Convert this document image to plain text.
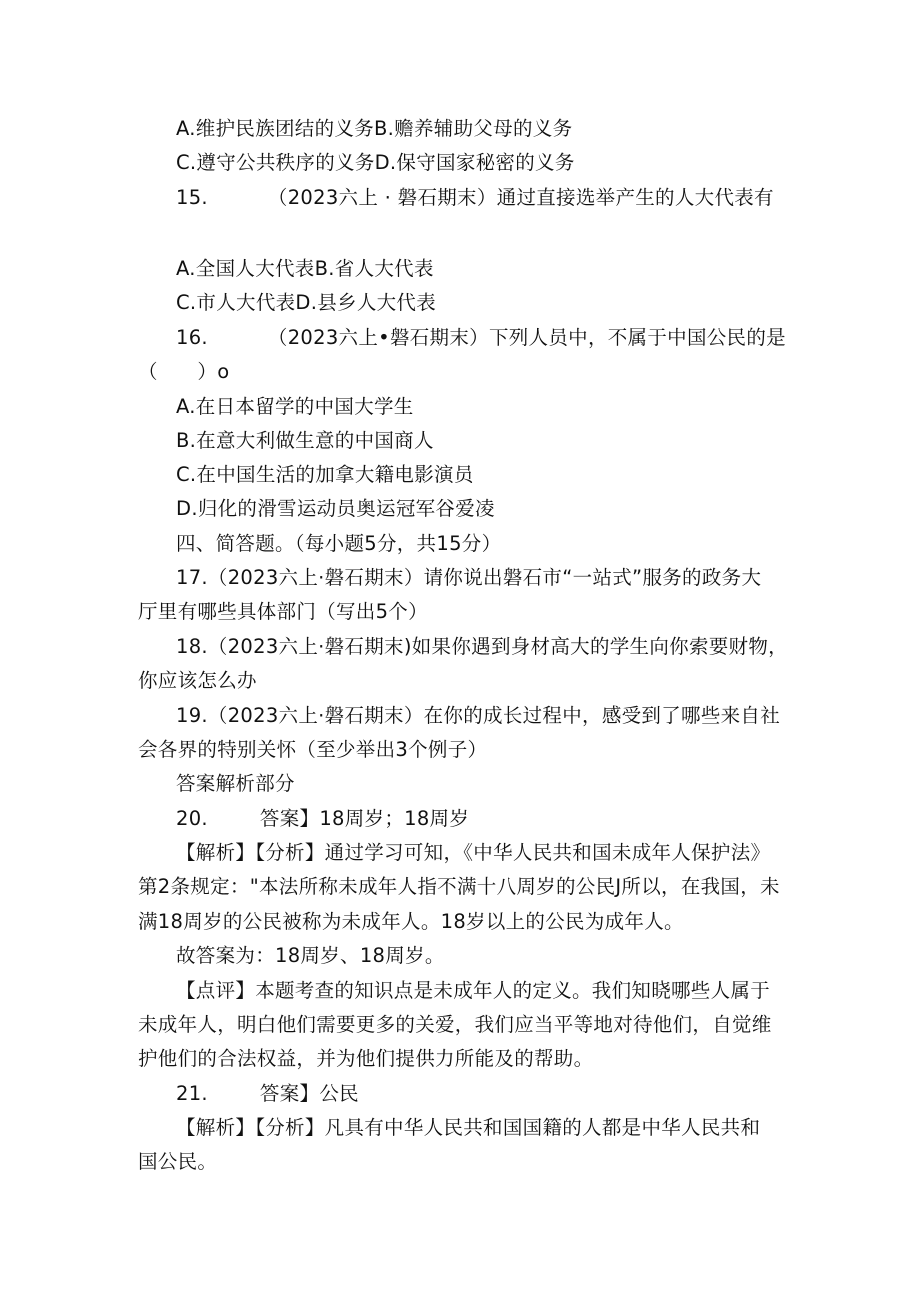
A.维护民族团结的义务B.赡养辅助父母的义务
C.遵守公共秩序的义务D.保守国家秘密的义务
15.	（2023六上 · 磐石期末）通过直接选举产生的人大代表有
A.全国人大代表B.省人大代表
C.市人大代表D.县乡人大代表
16.	（2023六上•磐石期末）下列人员中，不属于中国公民的是
（　　）o
A.在日本留学的中国大学生
B.在意大利做生意的中国商人
C.在中国生活的加拿大籍电影演员
D.归化的滑雪运动员奥运冠军谷爱凌
四、简答题。（每小题5分，共15分）
17.（2023六上·磐石期末）请你说出磐石市“一站式”服务的政务大
厅里有哪些具体部门（写出5个）
18.（2023六上·磐石期末)如果你遇到身材高大的学生向你索要财物，
你应该怎么办
19.（2023六上·磐石期末）在你的成长过程中，感受到了哪些来自社
会各界的特别关怀（至少举出3个例子）
答案解析部分
20.	答案】18周岁；18周岁
【解析】【分析】通过学习可知，《中华人民共和国未成年人保护法》
第2条规定："本法所称未成年人指不满十八周岁的公民J所以，在我国，未
满18周岁的公民被称为未成年人。18岁以上的公民为成年人。
故答案为：18周岁、18周岁。
【点评】本题考查的知识点是未成年人的定义。我们知晓哪些人属于
未成年人，明白他们需要更多的关爱，我们应当平等地对待他们，自觉维
护他们的合法权益，并为他们提供力所能及的帮助。
21.	答案】公民
【解析】【分析】凡具有中华人民共和国国籍的人都是中华人民共和
国公民。
